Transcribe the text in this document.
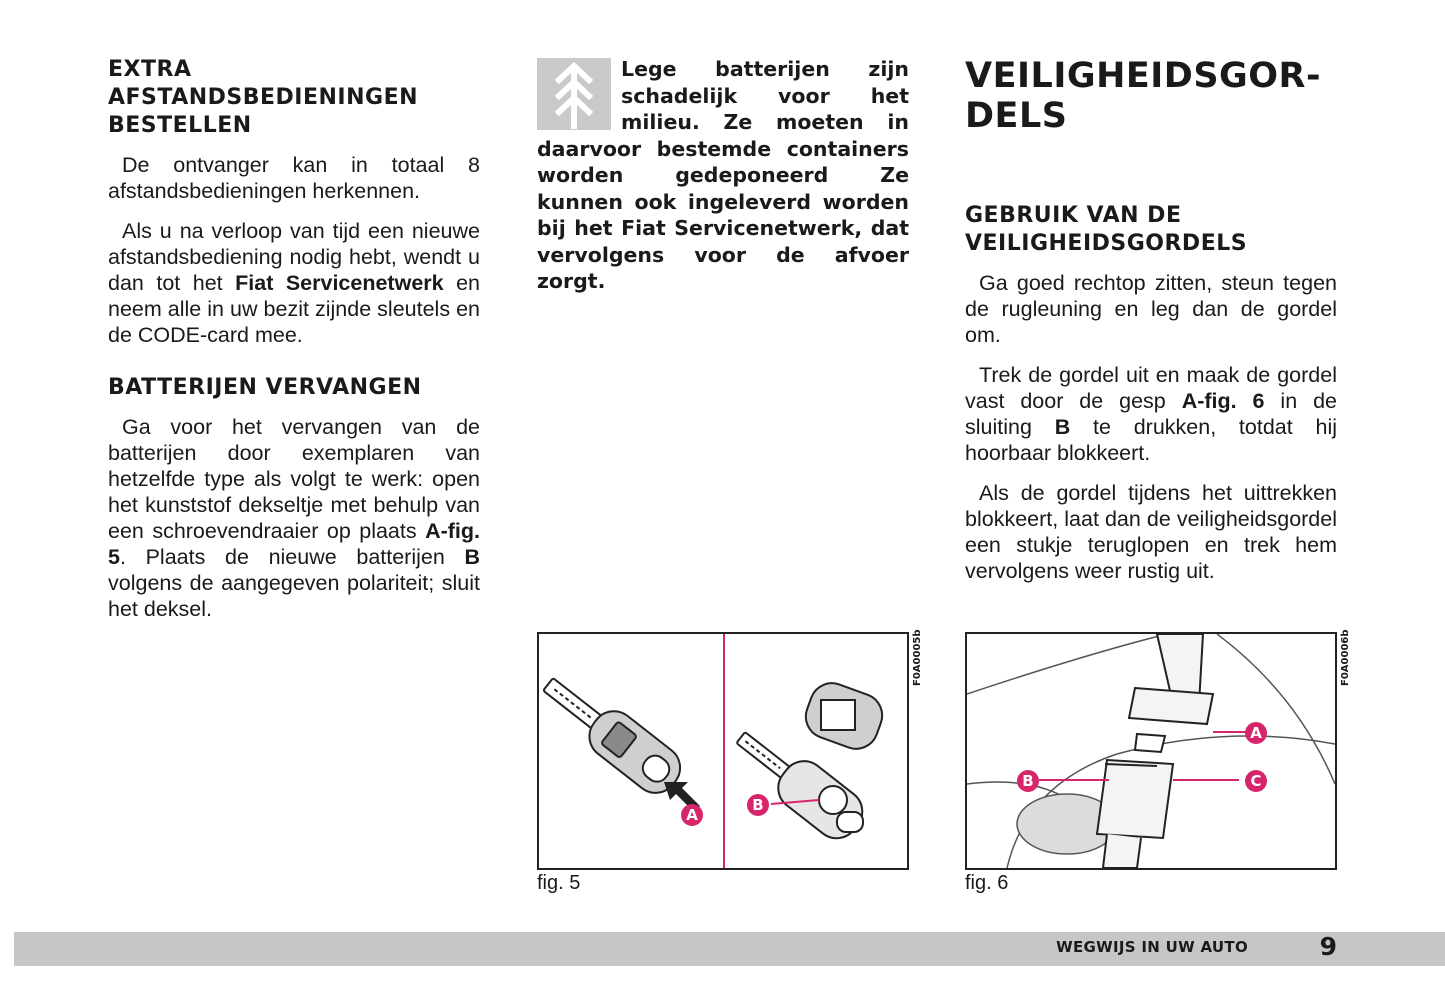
EXTRA AFSTANDSBEDIENINGEN BESTELLEN

De ontvanger kan in totaal 8 afstandsbedieningen herkennen.

Als u na verloop van tijd een nieuwe afstandsbediening nodig hebt, wendt u dan tot het Fiat Servicenetwerk en neem alle in uw bezit zijnde sleutels en de CODE-card mee.

BATTERIJEN VERVANGEN

Ga voor het vervangen van de batterijen door exemplaren van hetzelfde type als volgt te werk: open het kunststof dekseltje met behulp van een schroevendraaier op plaats A-fig. 5. Plaats de nieuwe batterijen B volgens de aangegeven polariteit; sluit het deksel.

Lege batterijen zijn schadelijk voor het milieu. Ze moeten in daarvoor bestemde containers worden gedeponeerd Ze kunnen ook ingeleverd worden bij het Fiat Servicenetwerk, dat vervolgens voor de afvoer zorgt.

VEILIGHEIDSGOR-
DELS
GEBRUIK VAN DE VEILIGHEIDSGORDELS

Ga goed rechtop zitten, steun tegen de rugleuning en leg dan de gordel om.

Trek de gordel uit en maak de gordel vast door de gesp A-fig. 6 in de sluiting B te drukken, totdat hij hoorbaar blokkeert.

Als de gordel tijdens het uittrekken blokkeert, laat dan de veiligheidsgordel een stukje teruglopen en trek hem vervolgens weer rustig uit.

A
B
F0A0005b
fig. 5
A
B	C
F0A0006b
fig. 6
WEGWIJS IN UW AUTO	9
